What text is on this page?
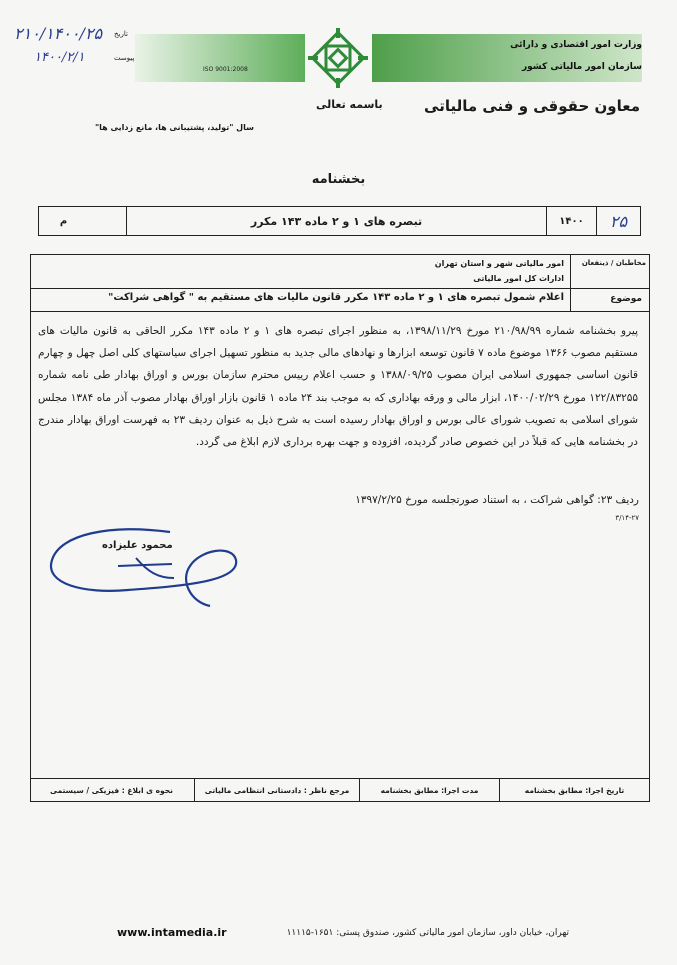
۲۱۰/۱۴۰۰/۲۵ تاریخ
۱۴۰۰/۲/۱	پیوست
ISO 9001:2008
وزارت امور اقتصادی و دارائی
سازمان امور مالیاتی کشور
معاون حقوقی و فنی مالیاتی
باسمه تعالی
سال "تولید، پشتیبانی ها، مانع زدایی ها"
بخشنامه
۲۵
۱۴۰۰
تبصره های ۱ و ۲ ماده ۱۴۳ مکرر
م
مخاطبان / ذینفعان
امور مالیاتی شهر و استان تهران
ادارات کل امور مالیاتی
موضوع
اعلام شمول تبصره های ۱ و ۲ ماده ۱۴۳ مکرر قانون مالیات های مستقیم به " گواهی شراکت"
پیرو بخشنامه شماره ۲۱۰/۹۸/۹۹ مورخ ۱۳۹۸/۱۱/۲۹، به منظور اجرای تبصره های ۱ و ۲ ماده ۱۴۳ مکرر الحاقی به قانون مالیات های مستقیم مصوب ۱۳۶۶ موضوع ماده ۷ قانون توسعه ابزارها و نهادهای مالی جدید به منظور تسهیل اجرای سیاستهای کلی اصل چهل و چهارم قانون اساسی جمهوری اسلامی ایران مصوب ۱۳۸۸/۰۹/۲۵ و حسب اعلام رییس محترم سازمان بورس و اوراق بهادار طی نامه شماره ۱۲۲/۸۳۲۵۵ مورخ ۱۴۰۰/۰۲/۲۹، ابزار مالی و ورقه بهاداری که به موجب بند ۲۴ ماده ۱ قانون بازار اوراق بهادار مصوب آذر ماه ۱۳۸۴ مجلس شورای اسلامی به تصویب شورای عالی بورس و اوراق بهادار رسیده است به شرح ذیل به عنوان ردیف ۲۳ به فهرست اوراق بهادار مندرج در بخشنامه هایی که قبلاً در این خصوص صادر گردیده، افزوده و جهت بهره برداری لازم ابلاغ می گردد.
ردیف ۲۳: گواهی شراکت ، به استناد صورتجلسه مورخ ۱۳۹۷/۲/۲۵
۳/۱۴-۲۷
محمود علیزاده
تاریخ اجرا: مطابق بخشنامه
مدت اجرا: مطابق بخشنامه
مرجع ناظر : دادستانی انتظامی مالیاتی
نحوه ی ابلاغ : فیزیکی / سیستمی
تهران، خیابان داور، سازمان امور مالیاتی کشور، صندوق پستی: ۱۶۵۱-۱۱۱۱۵
www.intamedia.ir
